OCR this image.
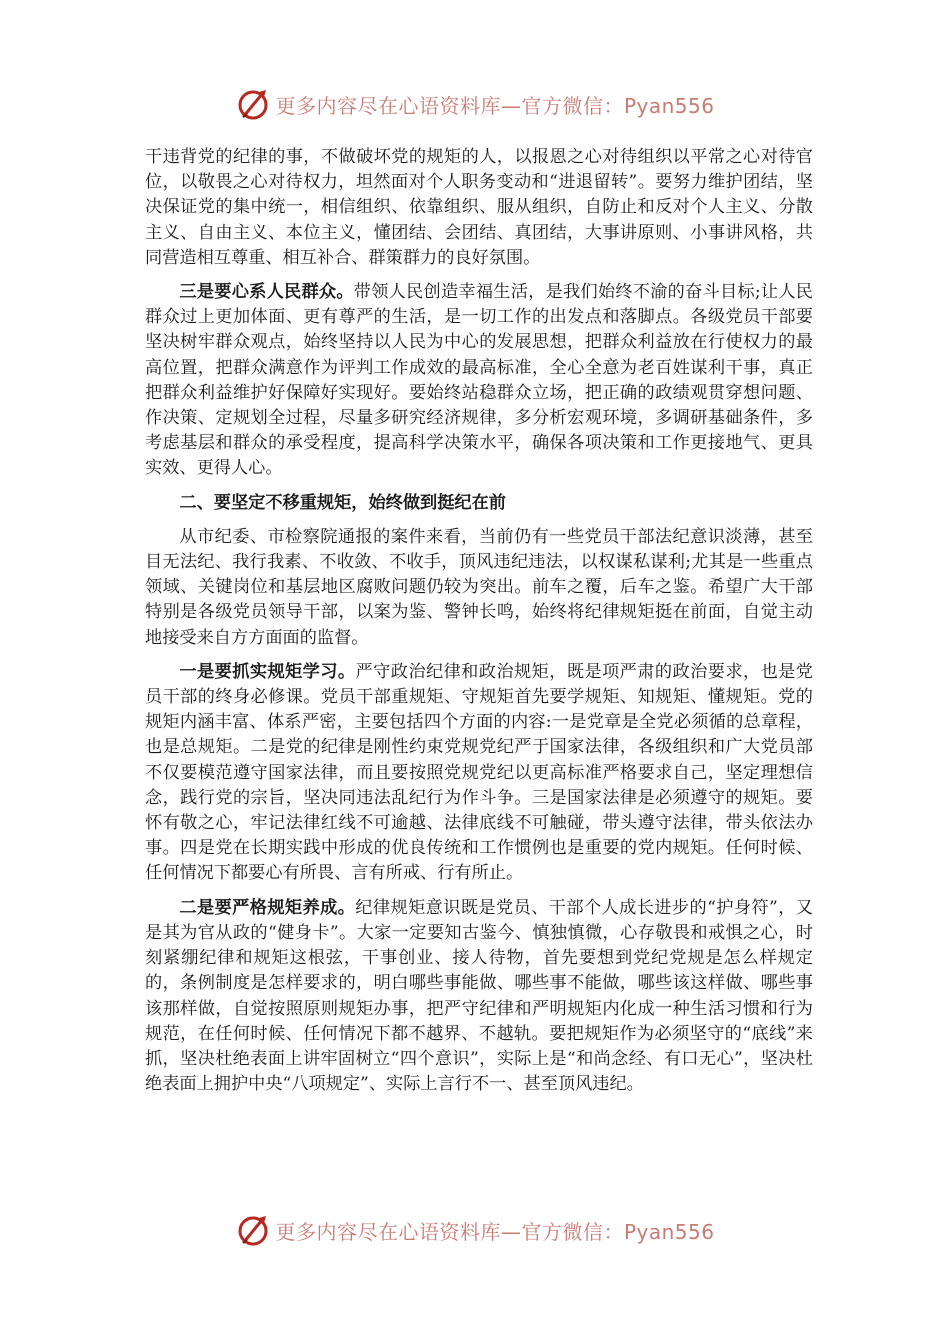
更多内容尽在心语资料库—官方微信：Pyan556

干违背党的纪律的事，不做破坏党的规矩的人，以报恩之心对待组织以平常之心对待官位，以敬畏之心对待权力，坦然面对个人职务变动和“进退留转”。要努力维护团结，坚决保证党的集中统一，相信组织、依靠组织、服从组织，自防止和反对个人主义、分散主义、自由主义、本位主义，懂团结、会团结、真团结，大事讲原则、小事讲风格，共同营造相互尊重、相互补合、群策群力的良好氛围。

三是要心系人民群众。带领人民创造幸福生活，是我们始终不渝的奋斗目标;让人民群众过上更加体面、更有尊严的生活，是一切工作的出发点和落脚点。各级党员干部要坚决树牢群众观点，始终坚持以人民为中心的发展思想，把群众利益放在行使权力的最高位置，把群众满意作为评判工作成效的最高标准，全心全意为老百姓谋利干事，真正把群众利益维护好保障好实现好。要始终站稳群众立场，把正确的政绩观贯穿想问题、作决策、定规划全过程，尽量多研究经济规律，多分析宏观环境，多调研基础条件，多考虑基层和群众的承受程度，提高科学决策水平，确保各项决策和工作更接地气、更具实效、更得人心。

二、要坚定不移重规矩，始终做到挺纪在前

从市纪委、市检察院通报的案件来看，当前仍有一些党员干部法纪意识淡薄，甚至目无法纪、我行我素、不收敛、不收手，顶风违纪违法，以权谋私谋利;尤其是一些重点领域、关键岗位和基层地区腐败问题仍较为突出。前车之覆，后车之鉴。希望广大干部特别是各级党员领导干部，以案为鉴、警钟长鸣，始终将纪律规矩挺在前面，自觉主动地接受来自方方面面的监督。

一是要抓实规矩学习。严守政治纪律和政治规矩，既是项严肃的政治要求，也是党员干部的终身必修课。党员干部重规矩、守规矩首先要学规矩、知规矩、懂规矩。党的规矩内涵丰富、体系严密，主要包括四个方面的内容:一是党章是全党必须循的总章程，也是总规矩。二是党的纪律是刚性约束党规党纪严于国家法律，各级组织和广大党员部不仅要模范遵守国家法律，而且要按照党规党纪以更高标准严格要求自己，坚定理想信念，践行党的宗旨，坚决同违法乱纪行为作斗争。三是国家法律是必须遵守的规矩。要怀有敬之心，牢记法律红线不可逾越、法律底线不可触碰，带头遵守法律，带头依法办事。四是党在长期实践中形成的优良传统和工作惯例也是重要的党内规矩。任何时候、任何情况下都要心有所畏、言有所戒、行有所止。

二是要严格规矩养成。纪律规矩意识既是党员、干部个人成长进步的“护身符”，又是其为官从政的“健身卡”。大家一定要知古鉴今、慎独慎微，心存敬畏和戒惧之心，时刻紧绷纪律和规矩这根弦，干事创业、接人待物，首先要想到党纪党规是怎么样规定的，条例制度是怎样要求的，明白哪些事能做、哪些事不能做，哪些该这样做、哪些事该那样做，自觉按照原则规矩办事，把严守纪律和严明规矩内化成一种生活习惯和行为规范，在任何时候、任何情况下都不越界、不越轨。要把规矩作为必须坚守的“底线”来抓，坚决杜绝表面上讲牢固树立“四个意识”，实际上是“和尚念经、有口无心”，坚决杜绝表面上拥护中央“八项规定”、实际上言行不一、甚至顶风违纪。

更多内容尽在心语资料库—官方微信：Pyan556
